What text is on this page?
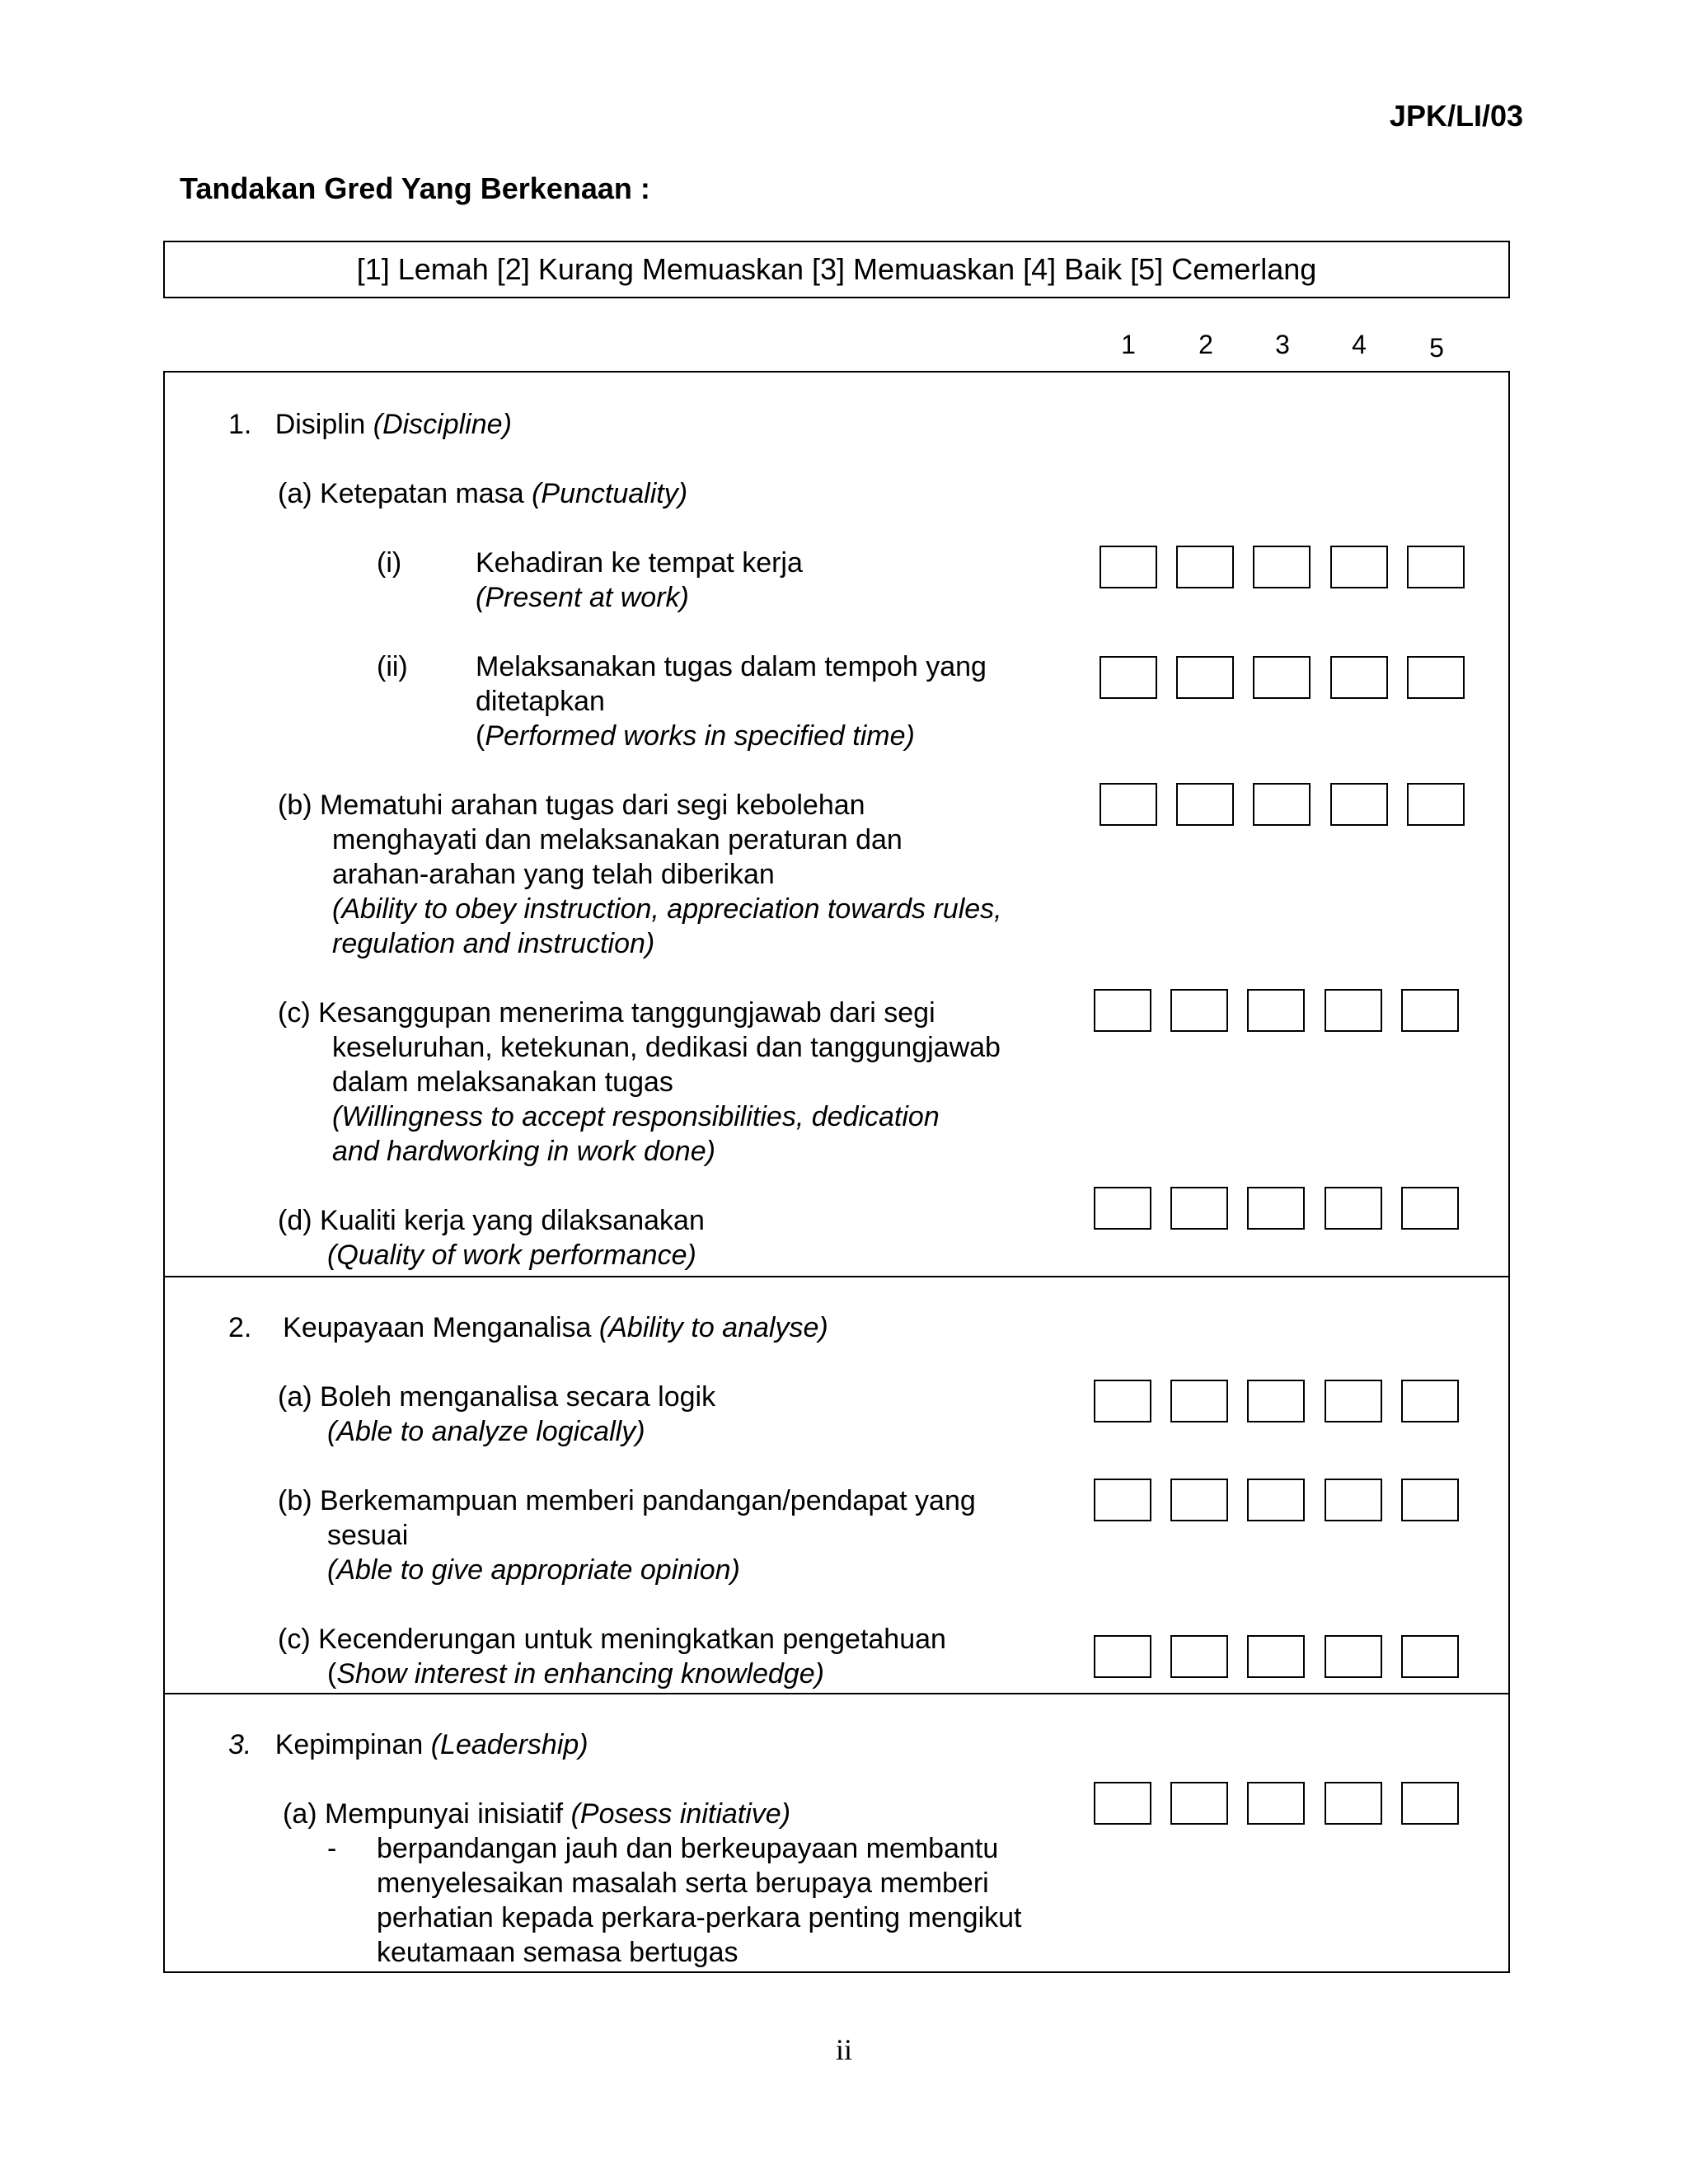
JPK/LI/03
Tandakan Gred Yang Berkenaan :
[1] Lemah [2] Kurang Memuaskan [3] Memuaskan [4] Baik [5] Cemerlang
1	2	3	4	5
1. Disiplin (Discipline)
(a) Ketepatan masa (Punctuality)
(i)	Kehadiran ke tempat kerja
(Present at work)
(ii) Melaksanakan tugas dalam tempoh yang
ditetapkan
(Performed works in specified time)
(b) Mematuhi arahan tugas dari segi kebolehan
menghayati dan melaksanakan peraturan dan
arahan-arahan yang telah diberikan
(Ability to obey instruction, appreciation towards rules,
regulation and instruction)
(c) Kesanggupan menerima tanggungjawab dari segi
keseluruhan, ketekunan, dedikasi dan tanggungjawab
dalam melaksanakan tugas
(Willingness to accept responsibilities, dedication
and hardworking in work done)
(d) Kualiti kerja yang dilaksanakan
(Quality of work performance)
2. Keupayaan Menganalisa (Ability to analyse)
(a) Boleh menganalisa secara logik
(Able to analyze logically)
(b) Berkemampuan memberi pandangan/pendapat yang
sesuai
(Able to give appropriate opinion)
(c) Kecenderungan untuk meningkatkan pengetahuan
(Show interest in enhancing knowledge)
3. Kepimpinan (Leadership)
(a) Mempunyai inisiatif (Posess initiative)
- berpandangan jauh dan berkeupayaan membantu
menyelesaikan masalah serta berupaya memberi
perhatian kepada perkara-perkara penting mengikut
keutamaan semasa bertugas
ii
